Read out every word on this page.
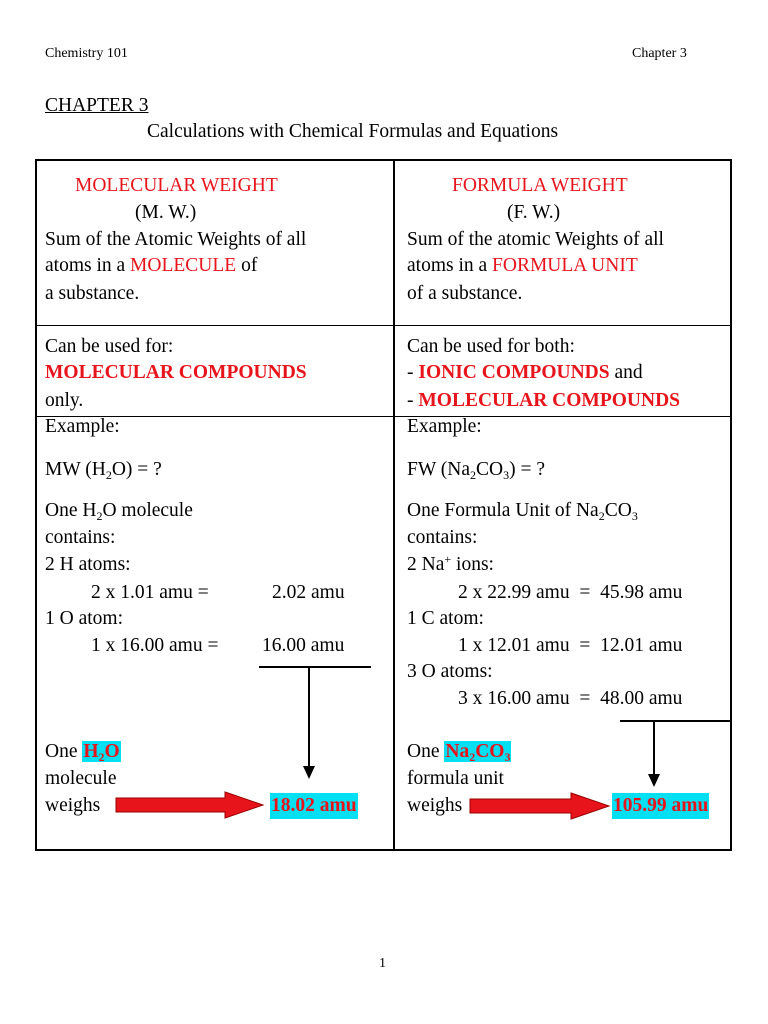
Chemistry 101	Chapter 3
CHAPTER 3
Calculations with Chemical Formulas and Equations
MOLECULAR WEIGHT
(M. W.)
Sum of the Atomic Weights of all
atoms in a MOLECULE of
a substance.
Can be used for:
MOLECULAR COMPOUNDS
only.
Example:
MW $(H_2O)$ = ?
One $H_2O$ molecule
contains:
2 H atoms:
2 x 1.01 amu =	2.02 amu
1 O atom:
1 x 16.00 amu = 16.00 amu
One $H_2O$
molecule
weighs	18.02 amu
FORMULA WEIGHT
(F. W.)
Sum of the atomic Weights of all
atoms in a FORMULA UNIT
of a substance.
Can be used for both:
- IONIC COMPOUNDS and
- MOLECULAR COMPOUNDS
Example:
FW $(Na_2CO_3)$ = ?
One Formula Unit of $Na_2CO_3$
contains:
2 Na+ ions:
2 x 22.99 amu  =  45.98 amu
1 C atom:
1 x 12.01 amu  =  12.01 amu
3 O atoms:
3 x 16.00 amu  =  48.00 amu
One $Na_2CO_3$
formula unit
weighs	105.99 amu
1
